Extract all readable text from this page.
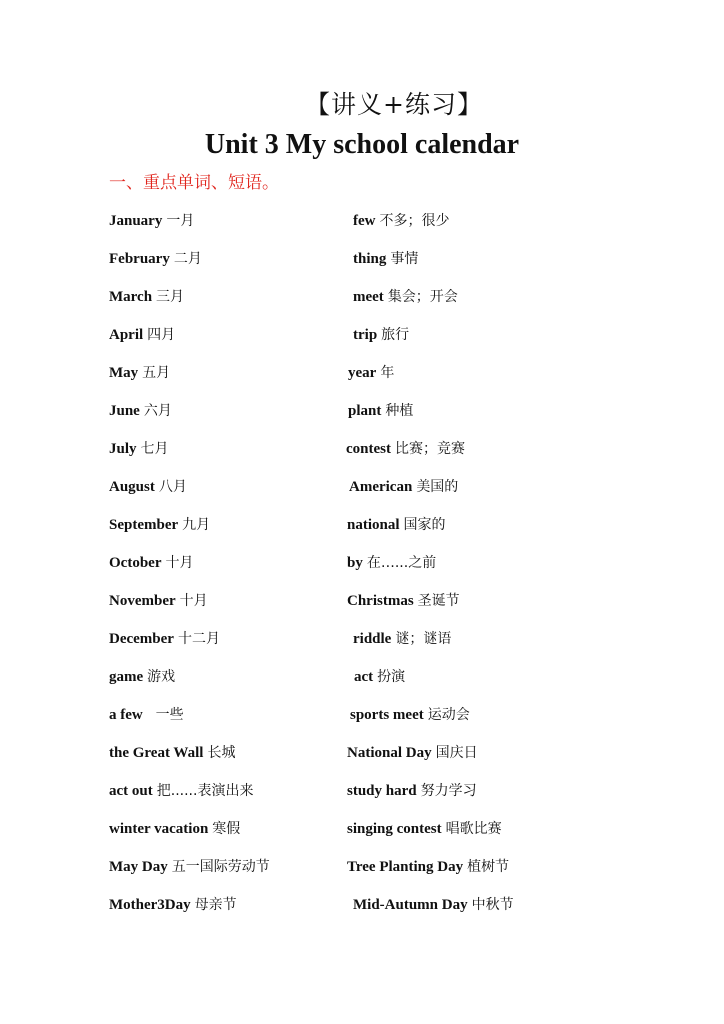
【讲义+练习】
Unit 3 My school calendar
一、重点单词、短语。
January 一月	few 不多；很少
February 二月	thing 事情
March 三月	meet 集会；开会
April 四月	trip 旅行
May 五月	year 年
June 六月	plant 种植
July 七月	contest 比赛；竞赛
August 八月	American 美国的
September 九月	national 国家的
October 十月	by 在…...之前
November 十月	Christmas 圣诞节
December 十二月	riddle 谜；谜语
game 游戏	act 扮演
a few  一些	sports meet 运动会
the Great Wall 长城	National Day 国庆日
act out 把......表演出来	study hard 努力学习
winter vacation 寒假	singing contest 唱歌比赛
May Day 五一国际劳动节	Tree Planting Day 植树节
Mother3Day 母亲节	Mid-Autumn Day 中秋节
